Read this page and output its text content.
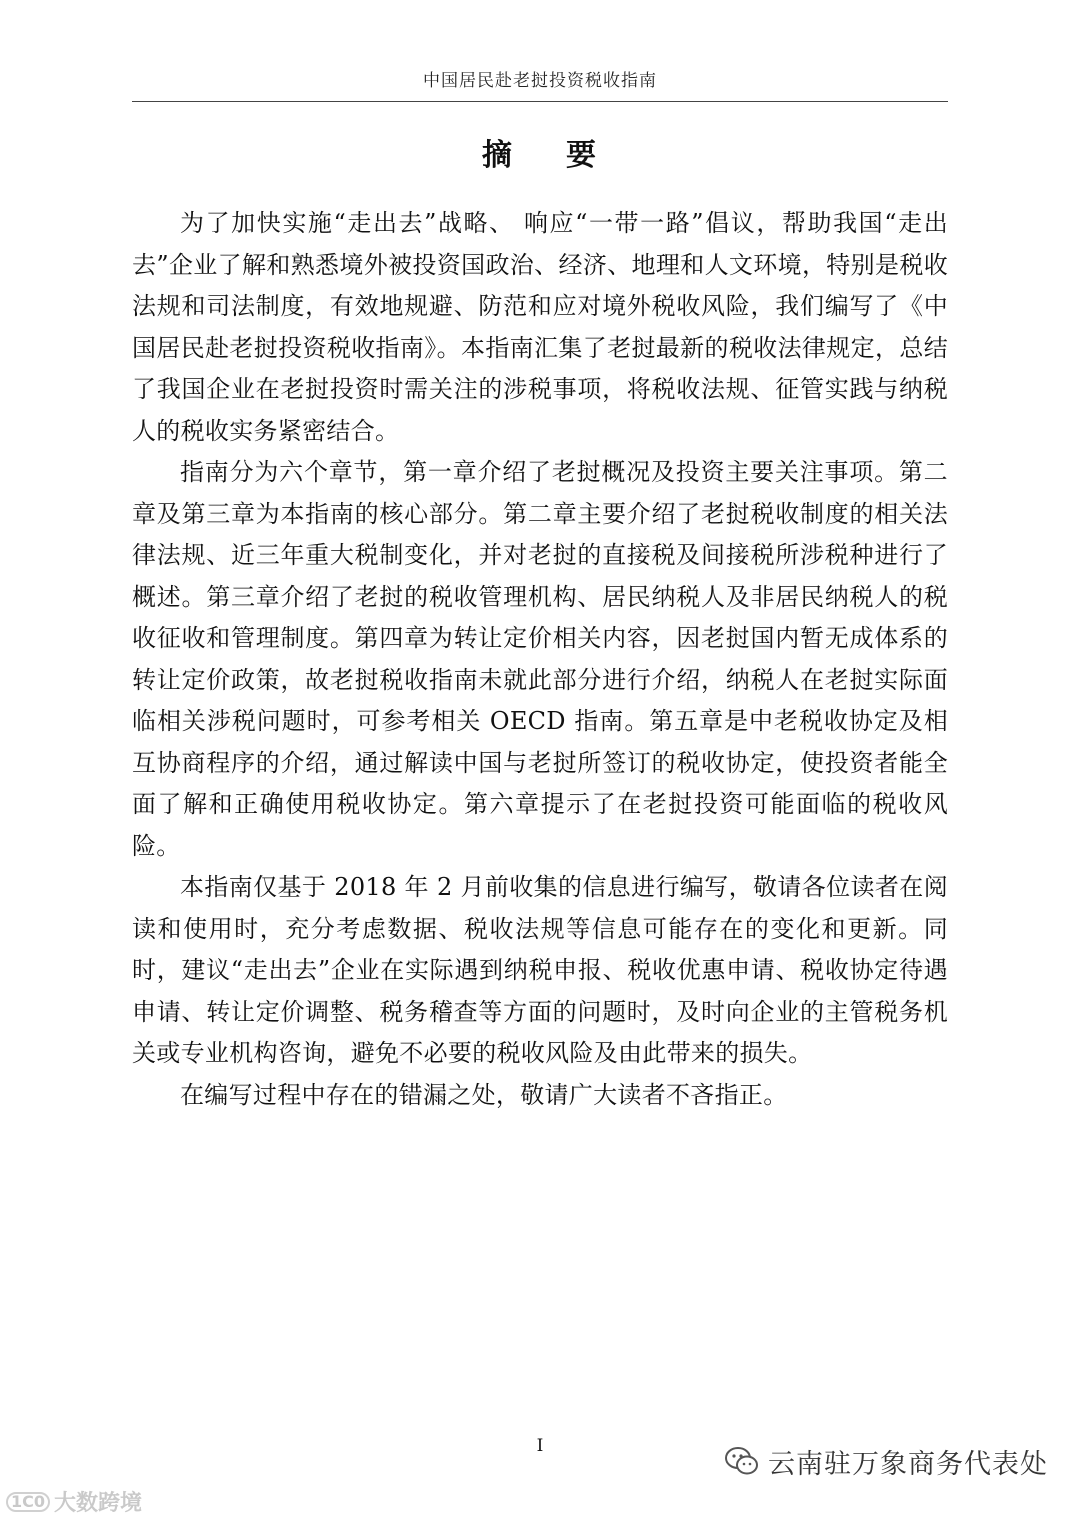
中国居民赴老挝投资税收指南
摘 要

为了加快实施“走出去”战略、 响应“一带一路”倡议，帮助我国“走出去”企业了解和熟悉境外被投资国政治、经济、地理和人文环境，特别是税收法规和司法制度，有效地规避、防范和应对境外税收风险，我们编写了《中国居民赴老挝投资税收指南》。本指南汇集了老挝最新的税收法律规定，总结了我国企业在老挝投资时需关注的涉税事项，将税收法规、征管实践与纳税人的税收实务紧密结合。

指南分为六个章节，第一章介绍了老挝概况及投资主要关注事项。第二章及第三章为本指南的核心部分。第二章主要介绍了老挝税收制度的相关法律法规、近三年重大税制变化，并对老挝的直接税及间接税所涉税种进行了概述。第三章介绍了老挝的税收管理机构、居民纳税人及非居民纳税人的税收征收和管理制度。第四章为转让定价相关内容，因老挝国内暂无成体系的转让定价政策，故老挝税收指南未就此部分进行介绍，纳税人在老挝实际面临相关涉税问题时，可参考相关 OECD 指南。第五章是中老税收协定及相互协商程序的介绍，通过解读中国与老挝所签订的税收协定，使投资者能全面了解和正确使用税收协定。第六章提示了在老挝投资可能面临的税收风险。

本指南仅基于 2018 年 2 月前收集的信息进行编写，敬请各位读者在阅读和使用时，充分考虑数据、税收法规等信息可能存在的变化和更新。同时，建议“走出去”企业在实际遇到纳税申报、税收优惠申请、税收协定待遇申请、转让定价调整、税务稽查等方面的问题时，及时向企业的主管税务机关或专业机构咨询，避免不必要的税收风险及由此带来的损失。

在编写过程中存在的错漏之处，敬请广大读者不吝指正。

I
1C0 大数跨境
云南驻万象商务代表处
